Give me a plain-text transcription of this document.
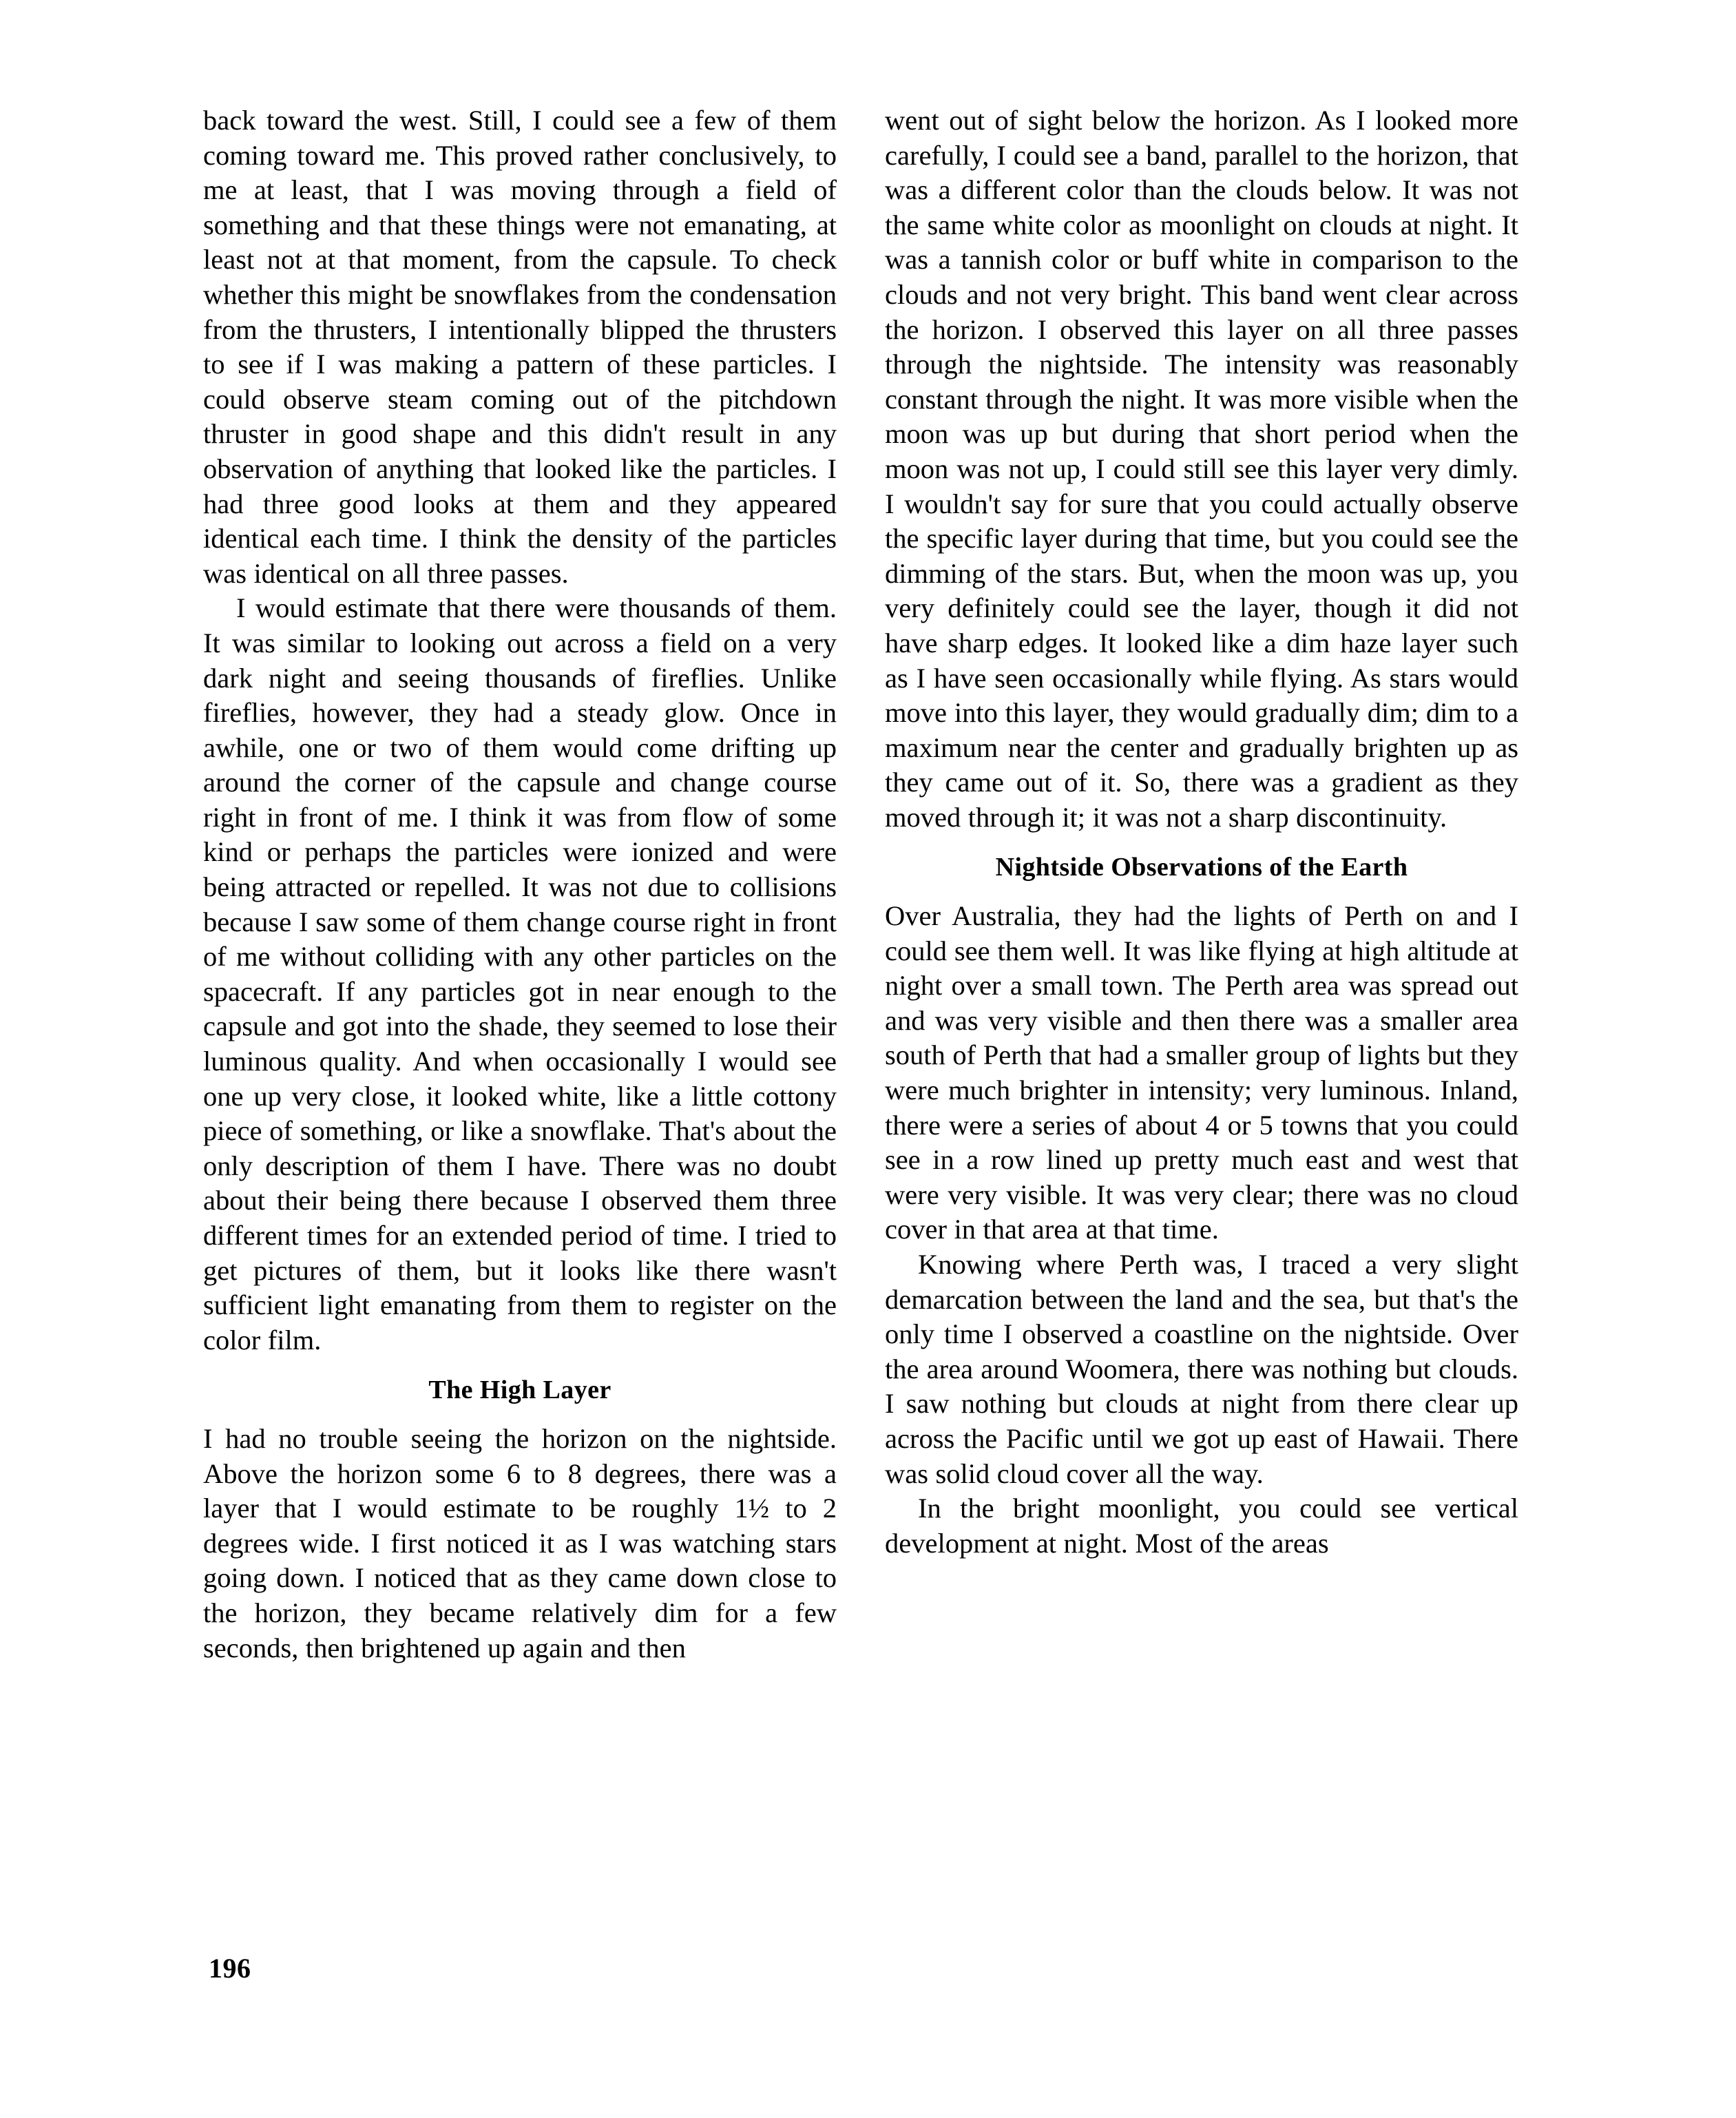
back toward the west. Still, I could see a few of them coming toward me. This proved rather conclusively, to me at least, that I was moving through a field of something and that these things were not emanating, at least not at that moment, from the capsule. To check whether this might be snowflakes from the condensation from the thrusters, I intentionally blipped the thrusters to see if I was making a pattern of these particles. I could observe steam coming out of the pitchdown thruster in good shape and this didn't result in any observation of anything that looked like the particles. I had three good looks at them and they appeared identical each time. I think the density of the particles was identical on all three passes.

I would estimate that there were thousands of them. It was similar to looking out across a field on a very dark night and seeing thousands of fireflies. Unlike fireflies, however, they had a steady glow. Once in awhile, one or two of them would come drifting up around the corner of the capsule and change course right in front of me. I think it was from flow of some kind or perhaps the particles were ionized and were being attracted or repelled. It was not due to collisions because I saw some of them change course right in front of me without colliding with any other particles on the spacecraft. If any particles got in near enough to the capsule and got into the shade, they seemed to lose their luminous quality. And when occasionally I would see one up very close, it looked white, like a little cottony piece of something, or like a snowflake. That's about the only description of them I have. There was no doubt about their being there because I observed them three different times for an extended period of time. I tried to get pictures of them, but it looks like there wasn't sufficient light emanating from them to register on the color film.

The High Layer

I had no trouble seeing the horizon on the nightside. Above the horizon some 6 to 8 degrees, there was a layer that I would estimate to be roughly 1½ to 2 degrees wide. I first noticed it as I was watching stars going down. I noticed that as they came down close to the horizon, they became relatively dim for a few seconds, then brightened up again and then

went out of sight below the horizon. As I looked more carefully, I could see a band, parallel to the horizon, that was a different color than the clouds below. It was not the same white color as moonlight on clouds at night. It was a tannish color or buff white in comparison to the clouds and not very bright. This band went clear across the horizon. I observed this layer on all three passes through the nightside. The intensity was reasonably constant through the night. It was more visible when the moon was up but during that short period when the moon was not up, I could still see this layer very dimly. I wouldn't say for sure that you could actually observe the specific layer during that time, but you could see the dimming of the stars. But, when the moon was up, you very definitely could see the layer, though it did not have sharp edges. It looked like a dim haze layer such as I have seen occasionally while flying. As stars would move into this layer, they would gradually dim; dim to a maximum near the center and gradually brighten up as they came out of it. So, there was a gradient as they moved through it; it was not a sharp discontinuity.

Nightside Observations of the Earth

Over Australia, they had the lights of Perth on and I could see them well. It was like flying at high altitude at night over a small town. The Perth area was spread out and was very visible and then there was a smaller area south of Perth that had a smaller group of lights but they were much brighter in intensity; very luminous. Inland, there were a series of about 4 or 5 towns that you could see in a row lined up pretty much east and west that were very visible. It was very clear; there was no cloud cover in that area at that time.

Knowing where Perth was, I traced a very slight demarcation between the land and the sea, but that's the only time I observed a coastline on the nightside. Over the area around Woomera, there was nothing but clouds. I saw nothing but clouds at night from there clear up across the Pacific until we got up east of Hawaii. There was solid cloud cover all the way.

In the bright moonlight, you could see vertical development at night. Most of the areas

196
